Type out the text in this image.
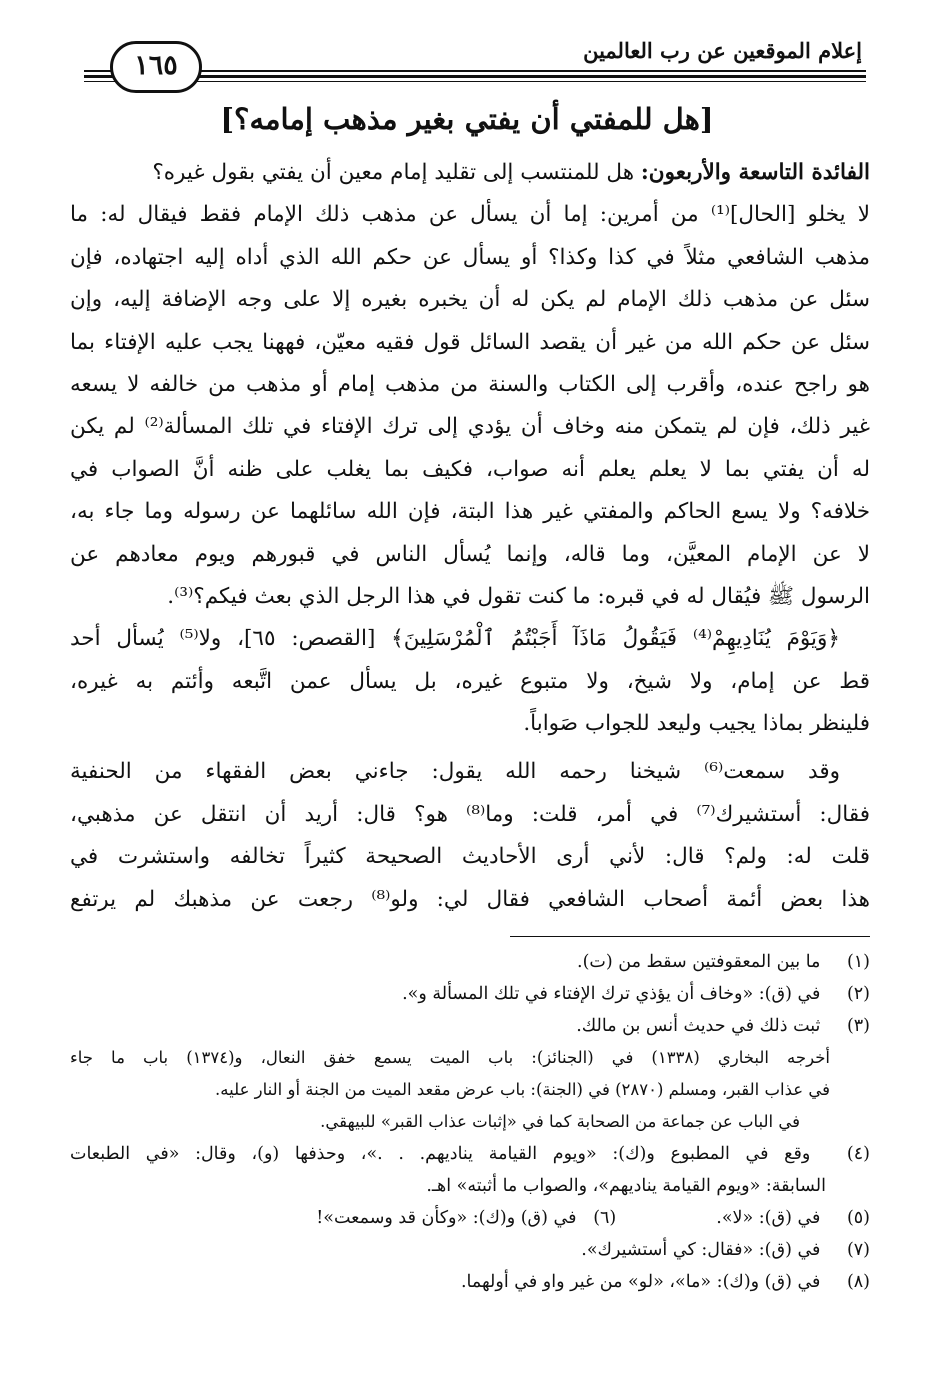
إعلام الموقعين عن رب العالمين
١٦٥
[هل للمفتي أن يفتي بغير مذهب إمامه؟]
الفائدة التاسعة والأربعون: هل للمنتسب إلى تقليد إمام معين أن يفتي بقول غيره؟
لا يخلو [الحال]⁽¹⁾ من أمرين: إما أن يسأل عن مذهب ذلك الإمام فقط فيقال له: ما
مذهب الشافعي مثلاً في كذا وكذا؟ أو يسأل عن حكم الله الذي أداه إليه اجتهاده، فإن
سئل عن مذهب ذلك الإمام لم يكن له أن يخبره بغيره إلا على وجه الإضافة إليه، وإن
سئل عن حكم الله من غير أن يقصد السائل قول فقيه معيّن، فههنا يجب عليه الإفتاء بما
هو راجح عنده، وأقرب إلى الكتاب والسنة من مذهب إمام أو مذهب من خالفه لا يسعه
غير ذلك، فإن لم يتمكن منه وخاف أن يؤدي إلى ترك الإفتاء في تلك المسألة⁽²⁾ لم يكن
له أن يفتي بما لا يعلم يعلم أنه صواب، فكيف بما يغلب على ظنه أنَّ الصواب في
خلافه؟ ولا يسع الحاكم والمفتي غير هذا البتة، فإن الله سائلهما عن رسوله وما جاء به،
لا عن الإمام المعيَّن، وما قاله، وإنما يُسأل الناس في قبورهم ويوم معادهم عن
الرسول ﷺ فيُقال له في قبره: ما كنت تقول في هذا الرجل الذي بعث فيكم؟⁽³⁾.
﴿وَيَوْمَ يُنَادِيهِمْ⁽⁴⁾ فَيَقُولُ مَاذَآ أَجَبْتُمُ ٱلْمُرْسَلِينَ﴾ [القصص: ٦٥]، ولا⁽⁵⁾ يُسأل أحد
قط عن إمام، ولا شيخ، ولا متبوع غيره، بل يسأل عمن اتَّبعه وأئتم به غيره،
فلينظر بماذا يجيب وليعد للجواب صَواباً.
وقد سمعت⁽⁶⁾ شيخنا رحمه الله يقول: جاءني بعض الفقهاء من الحنفية
فقال: أستشيرك⁽⁷⁾ في أمر، قلت: وما⁽⁸⁾ هو؟ قال: أريد أن انتقل عن مذهبي،
قلت له: ولم؟ قال: لأني أرى الأحاديث الصحيحة كثيراً تخالفه واستشرت في
هذا بعض أئمة أصحاب الشافعي فقال لي: ولو⁽⁸⁾ رجعت عن مذهبك لم يرتفع
(١) ما بين المعقوفتين سقط من (ت).
(٢) في (ق): «وخاف أن يؤذي ترك الإفتاء في تلك المسألة و».
(٣) ثبت ذلك في حديث أنس بن مالك.
أخرجه البخاري (١٣٣٨) في (الجنائز): باب الميت يسمع خفق النعال، و(١٣٧٤) باب ما جاء
في عذاب القبر، ومسلم (٢٨٧٠) في (الجنة): باب عرض مقعد الميت من الجنة أو النار عليه.
في الباب عن جماعة من الصحابة كما في «إثبات عذاب القبر» للبيهقي.
(٤) وقع في المطبوع و(ك): «ويوم القيامة يناديهم. . .»، وحذفها (و)، وقال: «في الطبعات
السابقة: «ويوم القيامة يناديهم»، والصواب ما أثبته» اهـ.
(٥) في (ق): «لا».(٦)   في (ق) و(ك): «وكأن قد وسمعت»!
(٧) في (ق): «فقال: كي أستشيرك».
(٨) في (ق) و(ك): «ما»، «لو» من غير واو في أولهما.
